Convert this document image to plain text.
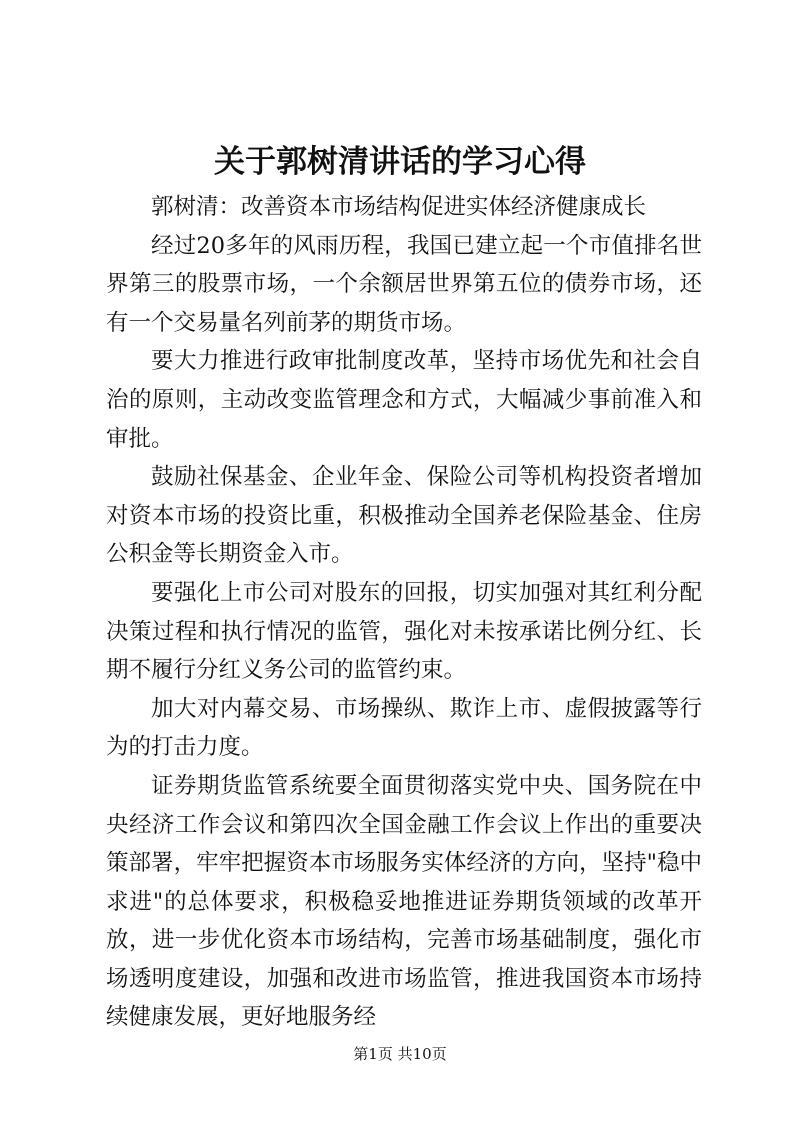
关于郭树清讲话的学习心得

郭树清：改善资本市场结构促进实体经济健康成长

经过20多年的风雨历程，我国已建立起一个市值排名世界第三的股票市场，一个余额居世界第五位的债券市场，还有一个交易量名列前茅的期货市场。

要大力推进行政审批制度改革，坚持市场优先和社会自治的原则，主动改变监管理念和方式，大幅减少事前准入和审批。

鼓励社保基金、企业年金、保险公司等机构投资者增加对资本市场的投资比重，积极推动全国养老保险基金、住房公积金等长期资金入市。

要强化上市公司对股东的回报，切实加强对其红利分配决策过程和执行情况的监管，强化对未按承诺比例分红、长期不履行分红义务公司的监管约束。

加大对内幕交易、市场操纵、欺诈上市、虚假披露等行为的打击力度。

证券期货监管系统要全面贯彻落实党中央、国务院在中央经济工作会议和第四次全国金融工作会议上作出的重要决策部署，牢牢把握资本市场服务实体经济的方向，坚持"稳中求进"的总体要求，积极稳妥地推进证券期货领域的改革开放，进一步优化资本市场结构，完善市场基础制度，强化市场透明度建设，加强和改进市场监管，推进我国资本市场持续健康发展，更好地服务经

第1页 共10页
